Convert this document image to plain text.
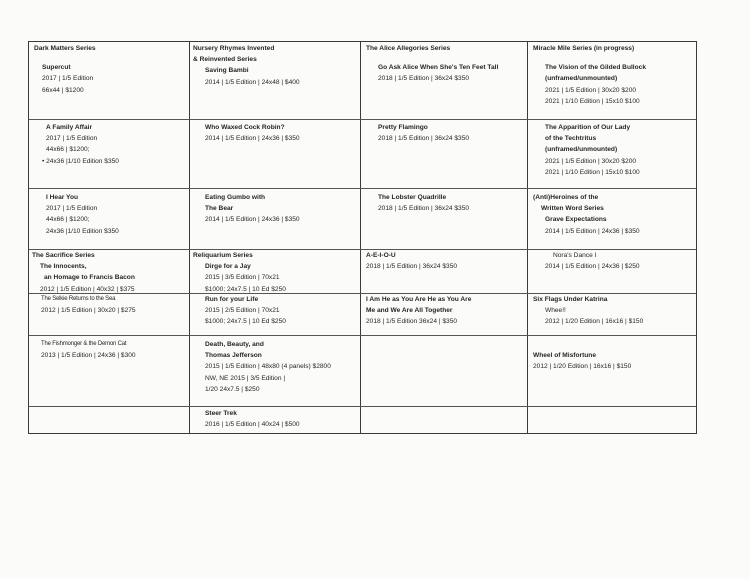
Dark Matters Series
Supercut
2017 | 1/5 Edition
66x44 | $1200
A Family Affair
2017 | 1/5 Edition
44x66 | $1200;
• 24x36 |1/10 Edition $350
I Hear You
2017 | 1/5 Edition
44x66 | $1200;
24x36 |1/10 Edition $350
The Sacrifice Series
The Innocents,
an Homage to Francis Bacon
2012 | 1/5 Edition | 40x32 | $375
The Selkie Returns to the Sea
2012 | 1/5 Edition | 30x20 | $275
The Fishmonger & the Demon Cat
2013 | 1/5 Edition | 24x36 | $300
Nursery Rhymes Invented
& Reinvented Series
Saving Bambi
2014 | 1/5 Edition | 24x48 | $400
Who Waxed Cock Robin?
2014 | 1/5 Edition | 24x36 | $350
Eating Gumbo with
The Bear
2014 | 1/5 Edition | 24x36 | $350
Reliquarium Series
Dirge for a Jay
2015 | 3/5 Edition | 70x21
$1000; 24x7.5 | 10 Ed $250
Run for your Life
2015 | 2/5 Edition | 70x21
$1000; 24x7.5 | 10 Ed $250
Death, Beauty, and
Thomas Jefferson
2015 | 1/5 Edition | 48x80 (4 panels) $2800
NW, NE 2015 | 3/5 Edition |
1/20 24x7.5 | $250
Steer Trek
2016 | 1/5 Edition | 40x24 | $500
The Alice Allegories Series
Go Ask Alice When She's Ten Feet Tall
2018 | 1/5 Edition | 36x24 $350
Pretty Flamingo
2018 | 1/5 Edition | 36x24 $350
The Lobster Quadrille
2018 | 1/5 Edition | 36x24 $350
A-E-I-O-U
2018 | 1/5 Edition | 36x24 $350
I Am He as You Are He as You Are
Me and We Are All Together
2018 | 1/5 Edition 36x24 | $350
Miracle Mile Series (in progress)
The Vision of the Gilded Bullock
(unframed/unmounted)
2021 | 1/5 Edition | 30x20 $200
2021 | 1/10 Edition | 15x10 $100
The Apparition of Our Lady
of the Techtritus
(unframed/unmounted)
2021 | 1/5 Edition | 30x20 $200
2021 | 1/10 Edition | 15x10 $100
(Anti)Heroines of the
Written Word Series
Grave Expectations
2014 | 1/5 Edition | 24x36 | $350
Nora's Dance I
2014 | 1/5 Edition | 24x36 | $250
Six Flags Under Katrina
Whee!!
2012 | 1/20 Edition | 16x16 | $150
Wheel of Misfortune
2012 | 1/20 Edition | 16x16 | $150
